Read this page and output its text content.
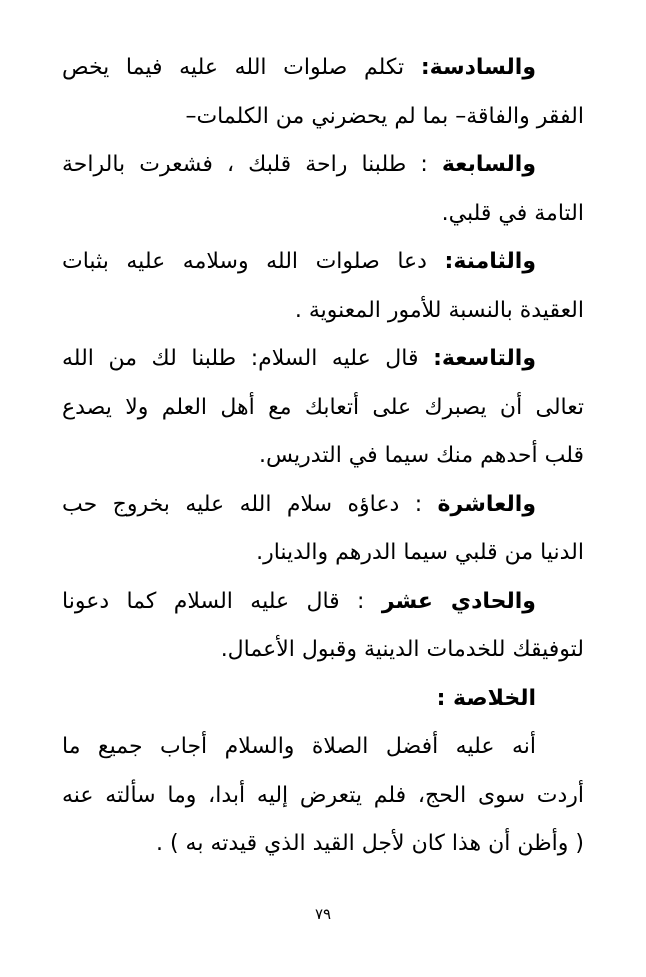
والسادسة: تكلم صلوات الله عليه فيما يخص
الفقر والفاقة– بما لم يحضرني من الكلمات–
والسابعة : طلبنا راحة قلبك ، فشعرت بالراحة
التامة في قلبي.
والثامنة: دعا صلوات الله وسلامه عليه بثبات
العقيدة بالنسبة للأمور المعنوية .
والتاسعة: قال عليه السلام: طلبنا لك من الله
تعالى أن يصبرك على أتعابك مع أهل العلم ولا يصدع
قلب أحدهم منك سيما في التدريس.
والعاشرة : دعاؤه سلام الله عليه بخروج حب
الدنيا من قلبي سيما الدرهم والدينار.
والحادي عشر : قال عليه السلام كما دعونا
لتوفيقك للخدمات الدينية وقبول الأعمال.
الخلاصة :
أنه عليه أفضل الصلاة والسلام أجاب جميع ما
أردت سوى الحج، فلم يتعرض إليه أبدا، وما سألته عنه
( وأظن أن هذا كان لأجل القيد الذي قيدته به ) .
٧٩
